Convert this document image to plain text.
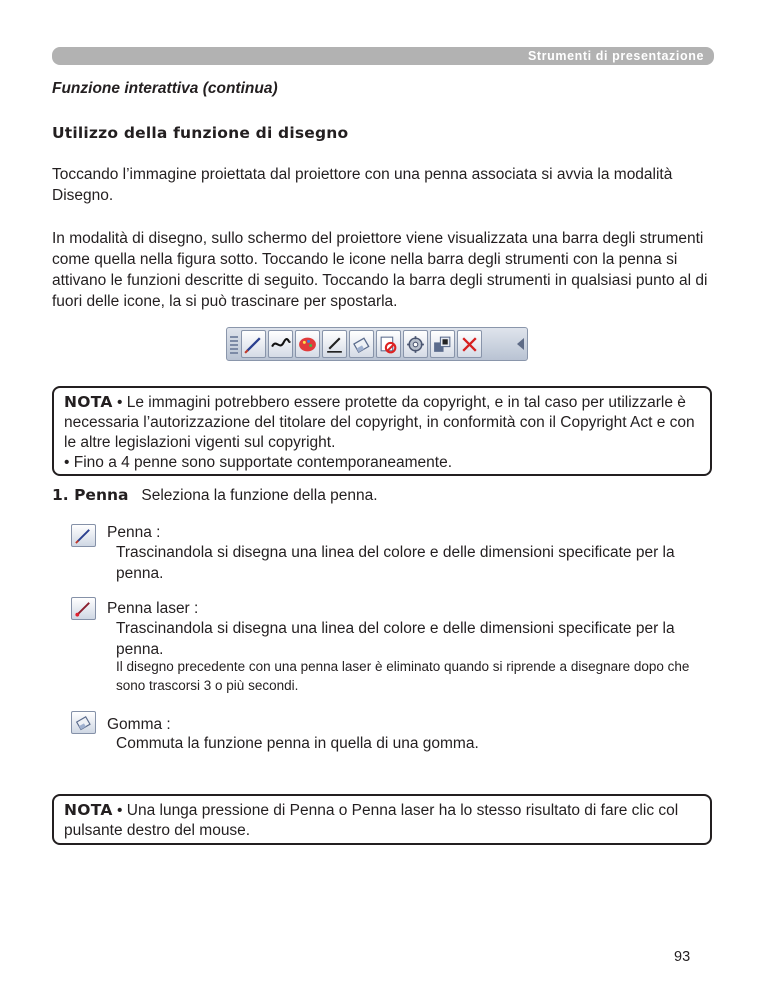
Strumenti di presentazione
Funzione interattiva (continua)
Utilizzo della funzione di disegno
Toccando l’immagine proiettata dal proiettore con una penna associata si avvia la modalità Disegno.
In modalità di disegno, sullo schermo del proiettore viene visualizzata una barra degli strumenti come quella nella figura sotto. Toccando le icone nella barra degli strumenti con la penna si attivano le funzioni descritte di seguito. Toccando la barra degli strumenti in qualsiasi punto al di fuori delle icone, la si può trascinare per spostarla.
NOTA • Le immagini potrebbero essere protette da copyright, e in tal caso per utilizzarle è necessaria l’autorizzazione del titolare del copyright, in conformità con il Copyright Act e con le altre legislazioni vigenti sul copyright.
• Fino a 4 penne sono supportate contemporaneamente.
1. Penna Seleziona la funzione della penna.
Penna :
Trascinandola si disegna una linea del colore e delle dimensioni specificate per la penna.
Penna laser :
Trascinandola si disegna una linea del colore e delle dimensioni specificate per la penna.
Il disegno precedente con una penna laser è eliminato quando si riprende a disegnare dopo che sono trascorsi 3 o più secondi.
Gomma :
Commuta la funzione penna in quella di una gomma.
NOTA • Una lunga pressione di Penna o Penna laser ha lo stesso risultato di fare clic col pulsante destro del mouse.
93
